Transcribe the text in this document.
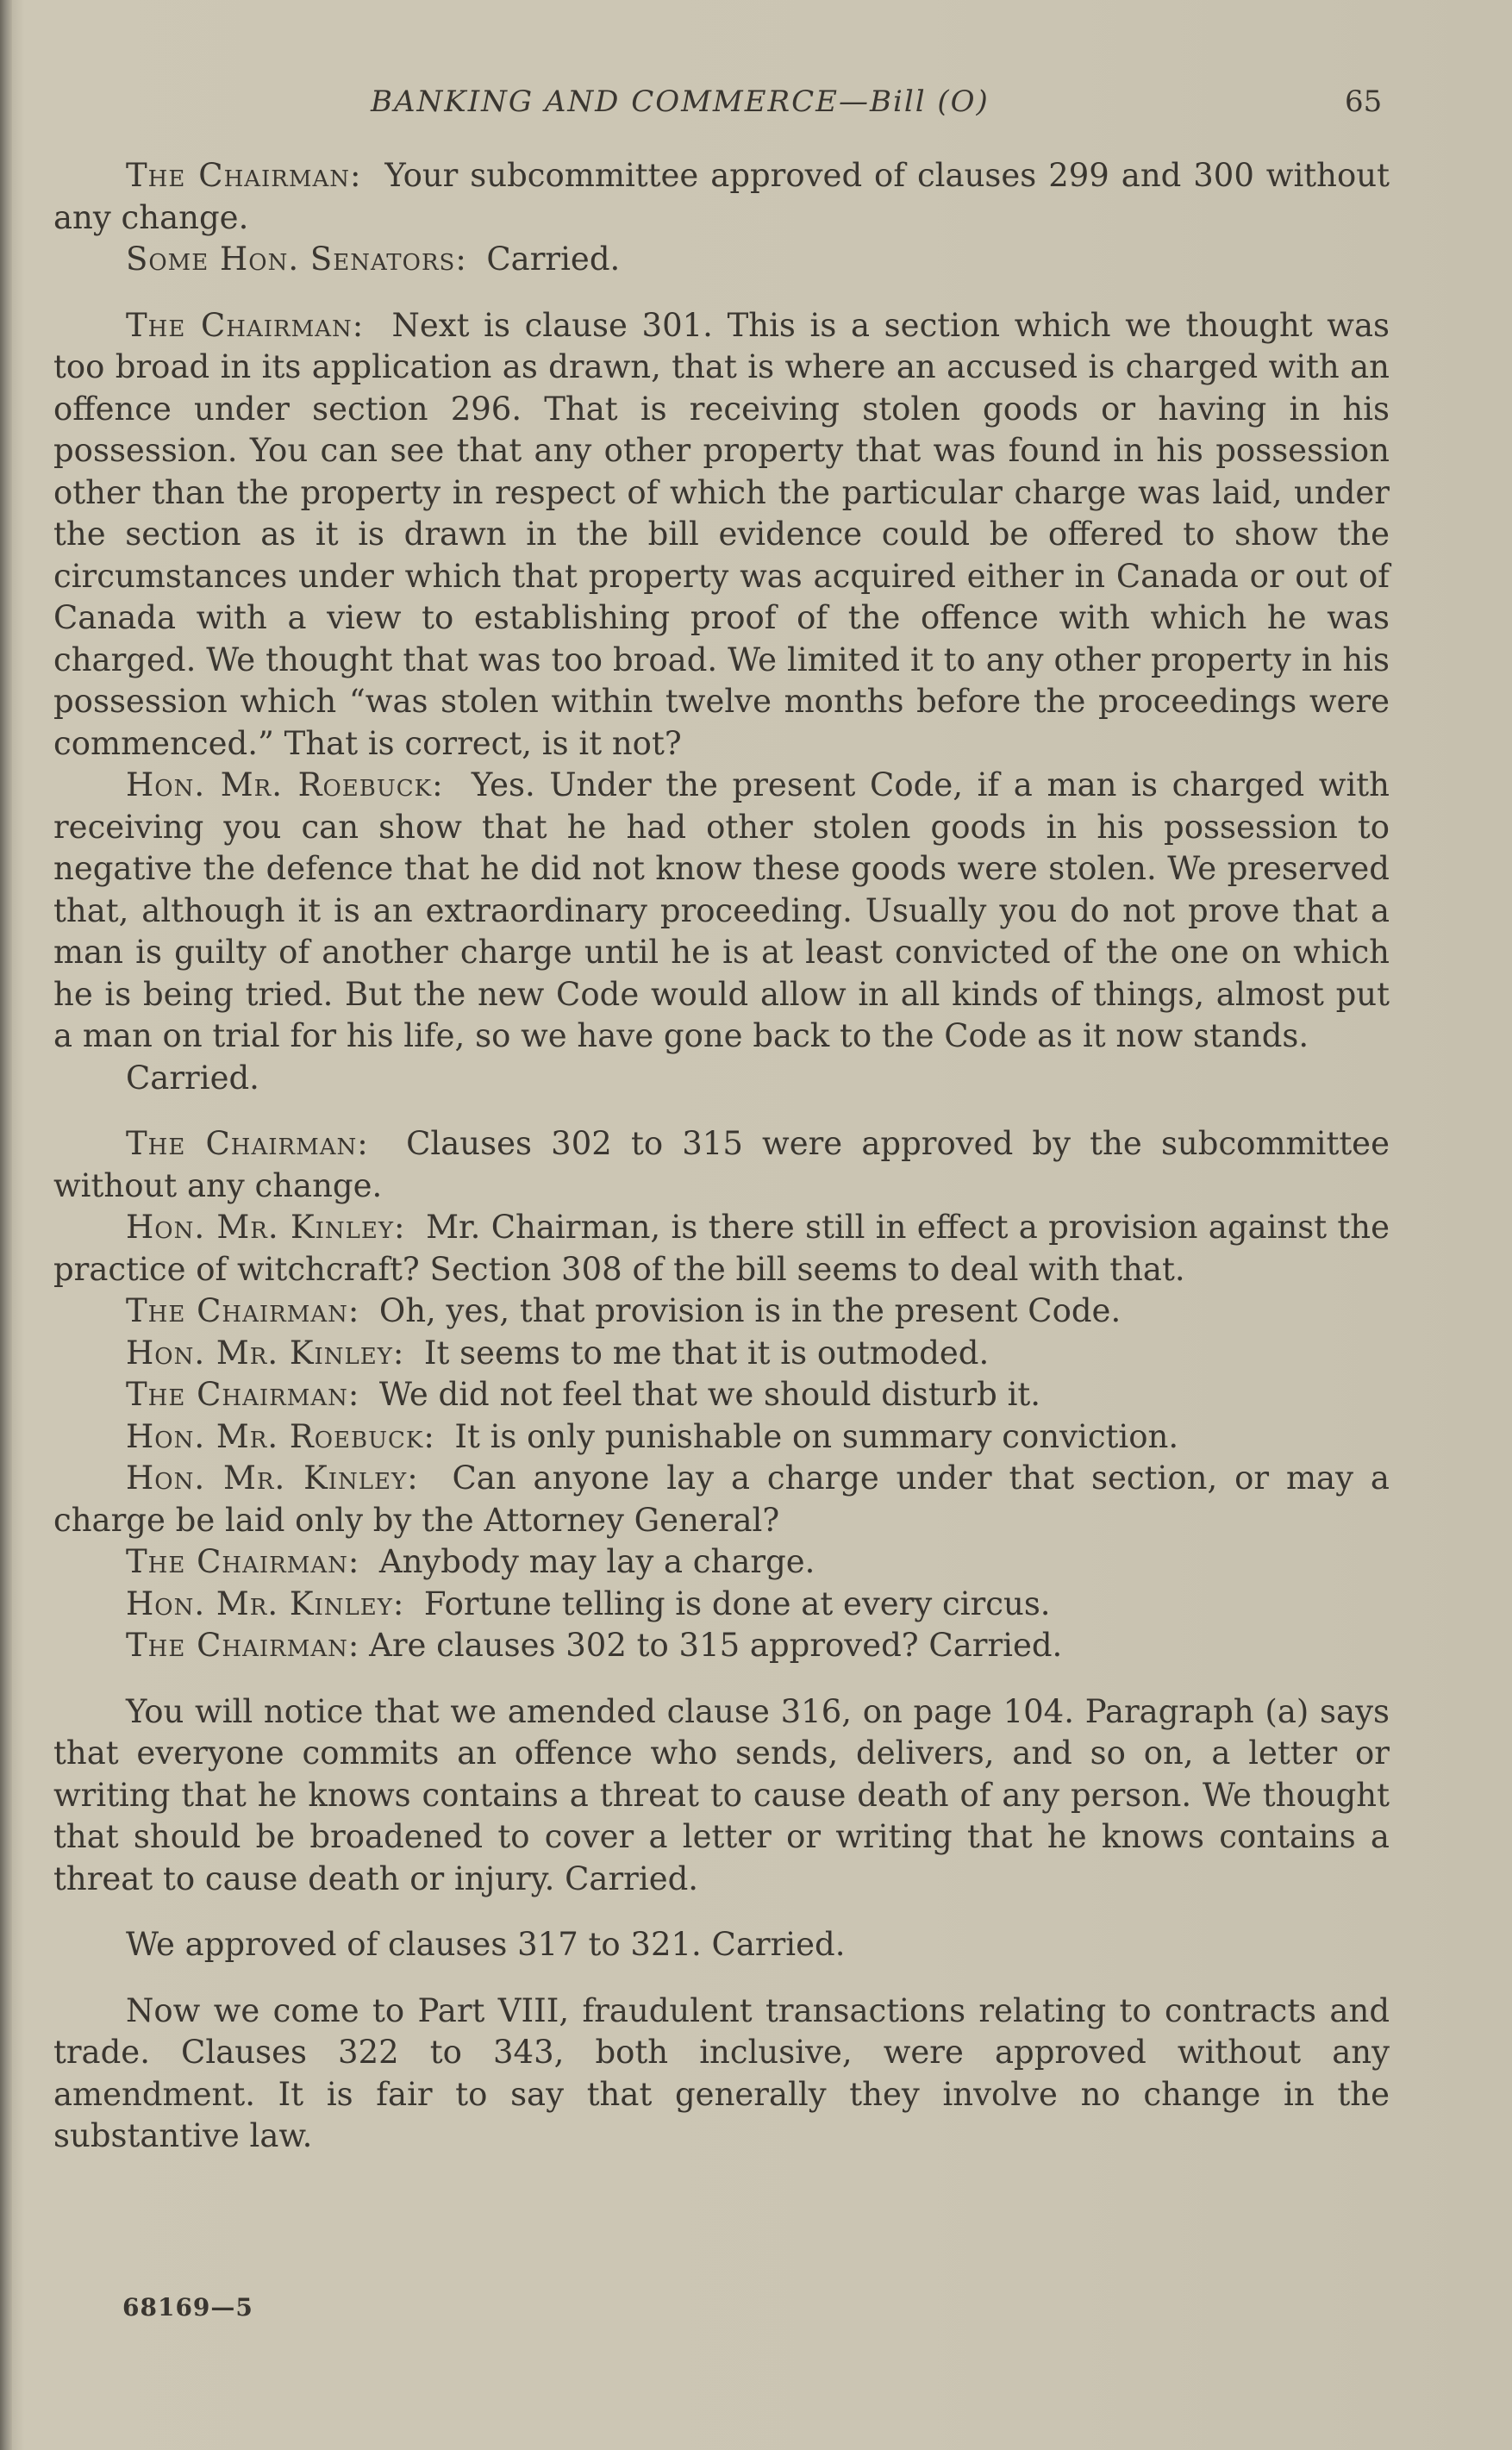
BANKING AND COMMERCE—Bill (O)	65

The Chairman:  Your subcommittee approved of clauses 299 and 300 without any change.

Some Hon. Senators:  Carried.

The Chairman:  Next is clause 301. This is a section which we thought was too broad in its application as drawn, that is where an accused is charged with an offence under section 296. That is receiving stolen goods or having in his possession. You can see that any other property that was found in his possession other than the property in respect of which the particular charge was laid, under the section as it is drawn in the bill evidence could be offered to show the circumstances under which that property was acquired either in Canada or out of Canada with a view to establishing proof of the offence with which he was charged. We thought that was too broad. We limited it to any other property in his possession which “was stolen within twelve months before the proceedings were commenced.” That is correct, is it not?

Hon. Mr. Roebuck:  Yes. Under the present Code, if a man is charged with receiving you can show that he had other stolen goods in his possession to negative the defence that he did not know these goods were stolen. We preserved that, although it is an extraordinary proceeding. Usually you do not prove that a man is guilty of another charge until he is at least convicted of the one on which he is being tried. But the new Code would allow in all kinds of things, almost put a man on trial for his life, so we have gone back to the Code as it now stands.

Carried.

The Chairman:  Clauses 302 to 315 were approved by the subcommittee without any change.

Hon. Mr. Kinley:  Mr. Chairman, is there still in effect a provision against the practice of witchcraft? Section 308 of the bill seems to deal with that.

The Chairman:  Oh, yes, that provision is in the present Code.

Hon. Mr. Kinley:  It seems to me that it is outmoded.

The Chairman:  We did not feel that we should disturb it.

Hon. Mr. Roebuck:  It is only punishable on summary conviction.

Hon. Mr. Kinley:  Can anyone lay a charge under that section, or may a charge be laid only by the Attorney General?

The Chairman:  Anybody may lay a charge.

Hon. Mr. Kinley:  Fortune telling is done at every circus.

The Chairman: Are clauses 302 to 315 approved? Carried.

You will notice that we amended clause 316, on page 104. Paragraph (a) says that everyone commits an offence who sends, delivers, and so on, a letter or writing that he knows contains a threat to cause death of any person. We thought that should be broadened to cover a letter or writing that he knows contains a threat to cause death or injury. Carried.

We approved of clauses 317 to 321. Carried.

Now we come to Part VIII, fraudulent transactions relating to contracts and trade. Clauses 322 to 343, both inclusive, were approved without any amendment. It is fair to say that generally they involve no change in the substantive law.

68169—5
